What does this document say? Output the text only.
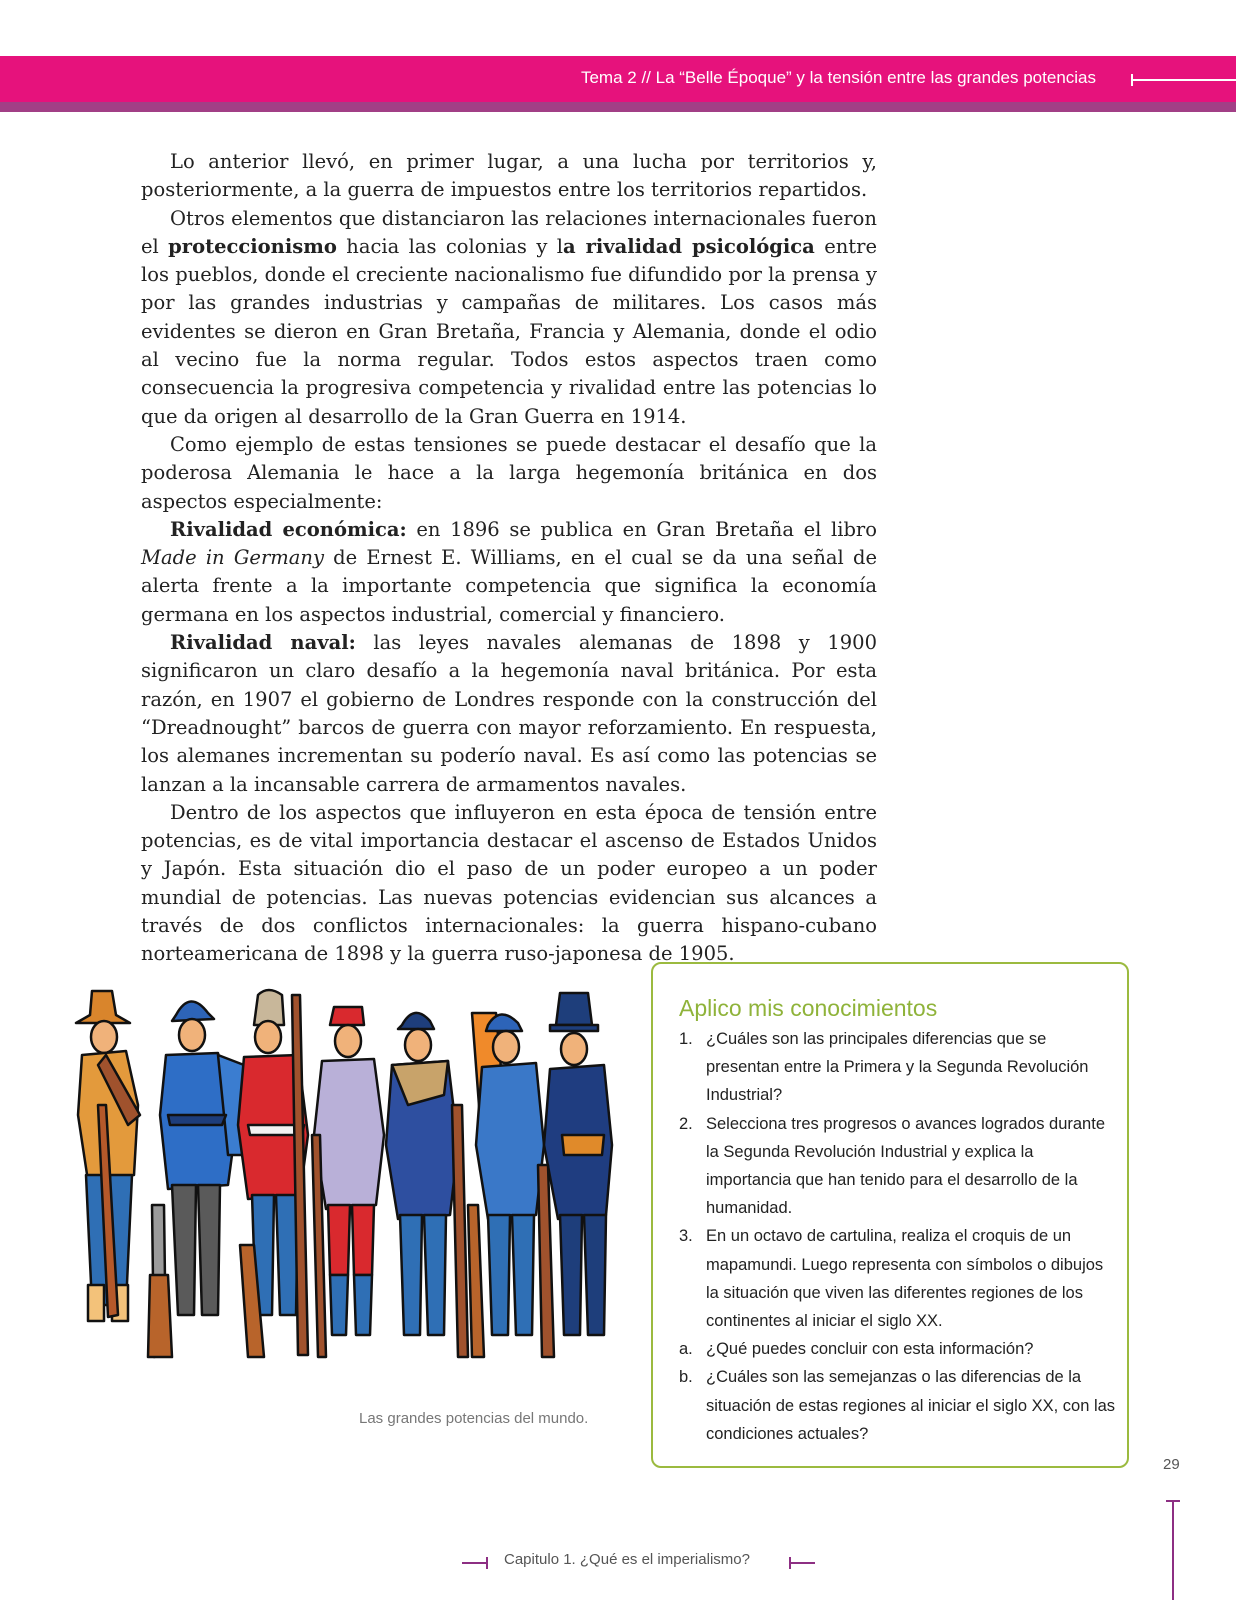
Tema 2 // La “Belle Époque” y la tensión entre las grandes potencias

Lo anterior llevó, en primer lugar, a una lucha por territorios y, posteriormente, a la guerra de impuestos entre los territorios repartidos.

Otros elementos que distanciaron las relaciones internacionales fueron el proteccionismo hacia las colonias y la rivalidad psicológica entre los pueblos, donde el creciente nacionalismo fue difundido por la prensa y por las grandes industrias y campañas de militares. Los casos más evidentes se dieron en Gran Bretaña, Francia y Alemania, donde el odio al vecino fue la norma regular. Todos estos aspectos traen como consecuencia la progresiva competencia y rivalidad entre las potencias lo que da origen al desarrollo de la Gran Guerra en 1914.

Como ejemplo de estas tensiones se puede destacar el desafío que la poderosa Alemania le hace a la larga hegemonía británica en dos aspectos especialmente:

Rivalidad económica: en 1896 se publica en Gran Bretaña el libro Made in Germany de Ernest E. Williams, en el cual se da una señal de alerta frente a la importante competencia que significa la economía germana en los aspectos industrial, comercial y financiero.

Rivalidad naval: las leyes navales alemanas de 1898 y 1900 significaron un claro desafío a la hegemonía naval británica. Por esta razón, en 1907 el gobierno de Londres responde con la construcción del “Dreadnought” barcos de guerra con mayor reforzamiento. En respuesta, los alemanes incrementan su poderío naval. Es así como las potencias se lanzan a la incansable carrera de armamentos navales.

Dentro de los aspectos que influyeron en esta época de tensión entre potencias, es de vital importancia destacar el ascenso de Estados Unidos y Japón. Esta situación dio el paso de un poder europeo a un poder mundial de potencias. Las nuevas potencias evidencian sus alcances a través de dos conflictos internacionales: la guerra hispano-cubano norteamericana de 1898 y la guerra ruso-japonesa de 1905.

Las grandes potencias del mundo.
Aplico mis conocimientos
1. ¿Cuáles son las principales diferencias que se presentan entre la Primera y la Segunda Revolución Industrial?
2. Selecciona tres progresos o avances logrados durante la Segunda Revolución Industrial y explica la importancia que han tenido para el desarrollo de la humanidad.
3. En un octavo de cartulina, realiza el croquis de un mapamundi. Luego representa con símbolos o dibujos la situación que viven las diferentes regiones de los continentes al iniciar el siglo XX.
a. ¿Qué puedes concluir con esta información?
b. ¿Cuáles son las semejanzas o las diferencias de la situación de estas regiones al iniciar el siglo XX, con las condiciones actuales?
29
Capitulo 1. ¿Qué es el imperialismo?
